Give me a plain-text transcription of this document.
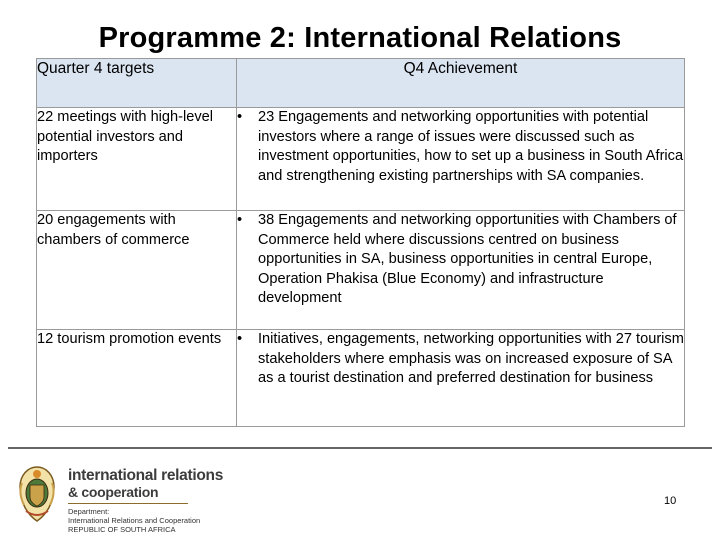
Programme 2: International Relations
Quarter 4 targets	Q4 Achievement
22 meetings with high-level potential investors and importers	• 23 Engagements and networking opportunities with potential investors where a range of issues were discussed such as investment opportunities, how to set up a business in South Africa and strengthening existing partnerships with SA companies.

20 engagements with chambers of commerce	• 38 Engagements and networking opportunities with Chambers of Commerce held where discussions centred on business opportunities in SA, business opportunities in central Europe, Operation Phakisa (Blue Economy) and infrastructure development

12 tourism promotion events	• Initiatives, engagements, networking opportunities with 27 tourism stakeholders where emphasis was on increased exposure of SA as a tourist destination and preferred destination for business
international relations
& cooperation
Department:
International Relations and Cooperation
REPUBLIC OF SOUTH AFRICA
10
